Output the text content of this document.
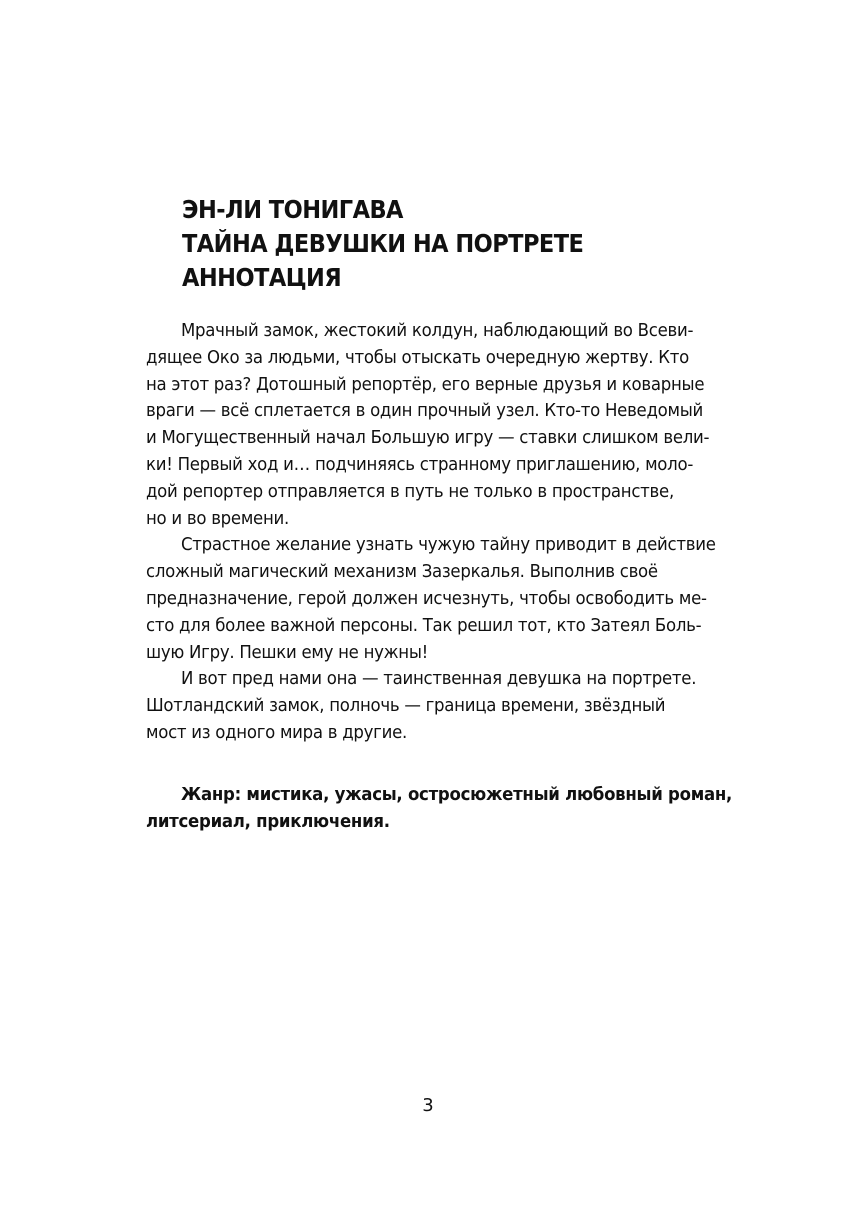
ЭН-ЛИ ТОНИГАВА
ТАЙНА ДЕВУШКИ НА ПОРТРЕТЕ
АННОТАЦИЯ
Мрачный замок, жестокий колдун, наблюдающий во Всеви-
дящее Око за людьми, чтобы отыскать очередную жертву. Кто
на этот раз? Дотошный репортёр, его верные друзья и коварные
враги — всё сплетается в один прочный узел. Кто-то Неведомый
и Могущественный начал Большую игру — ставки слишком вели-
ки! Первый ход и… подчиняясь странному приглашению, моло-
дой репортер отправляется в путь не только в пространстве,
но и во времени.
Страстное желание узнать чужую тайну приводит в действие
сложный магический механизм Зазеркалья. Выполнив своё
предназначение, герой должен исчезнуть, чтобы освободить ме-
сто для более важной персоны. Так решил тот, кто Затеял Боль-
шую Игру. Пешки ему не нужны!
И вот пред нами она — таинственная девушка на портрете.
Шотландский замок, полночь — граница времени, звёздный
мост из одного мира в другие.
Жанр: мистика, ужасы, остросюжетный любовный роман,
литсериал, приключения.
3
